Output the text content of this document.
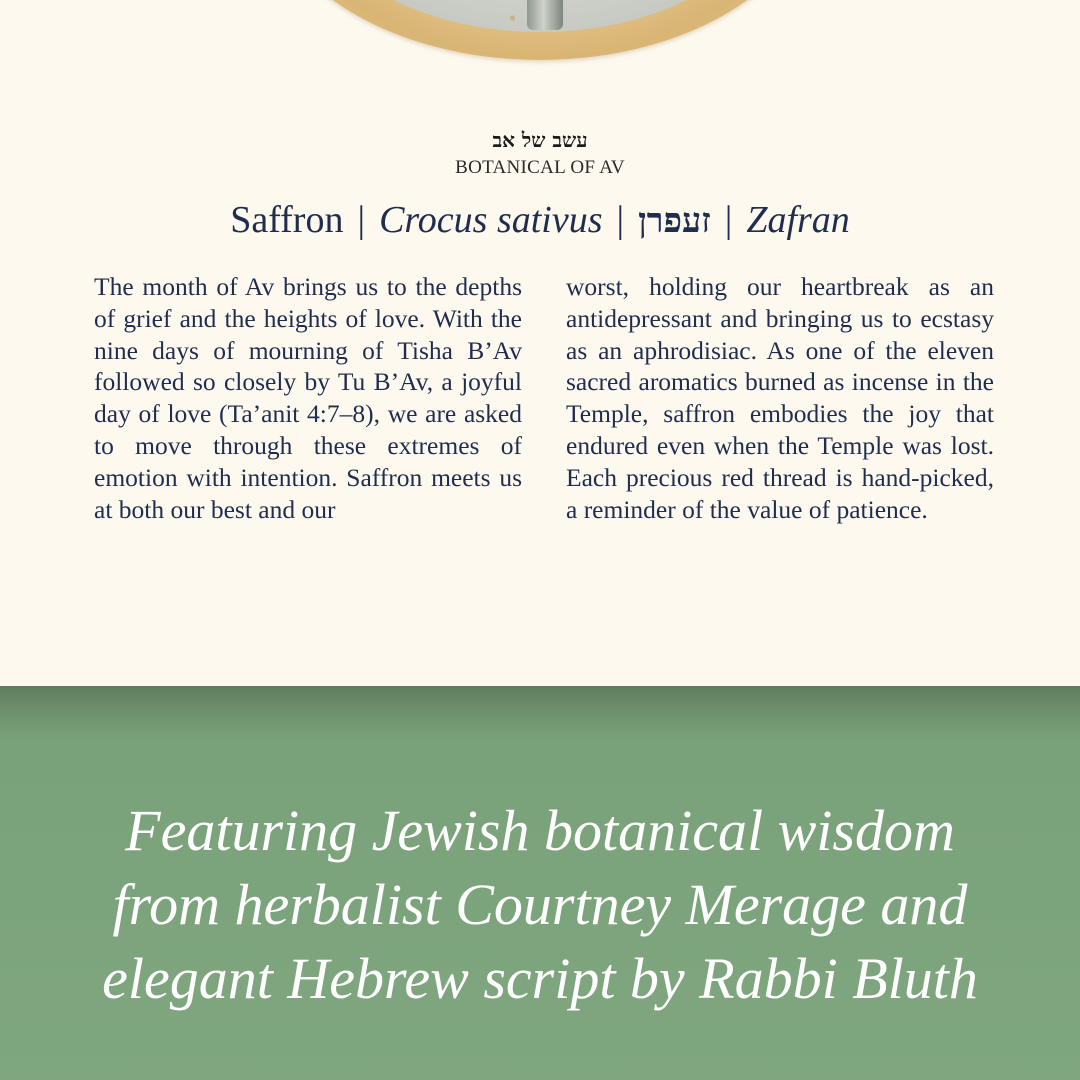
עשב של אב
BOTANICAL OF AV
Saffron | Crocus sativus | זעפרן | Zafran
The month of Av brings us to the depths of grief and the heights of love. With the nine days of mourning of Tisha B’Av followed so closely by Tu B’Av, a joyful day of love (Ta’anit 4:7–8), we are asked to move through these extremes of emotion with intention. Saffron meets us at both our best and our
worst, holding our heartbreak as an antidepressant and bringing us to ecstasy as an aphrodisiac. As one of the eleven sacred aromatics burned as incense in the Temple, saffron embodies the joy that endured even when the Temple was lost. Each precious red thread is hand-picked, a reminder of the value of patience.
Featuring Jewish botanical wisdom
from herbalist Courtney Merage and
elegant Hebrew script by Rabbi Bluth
